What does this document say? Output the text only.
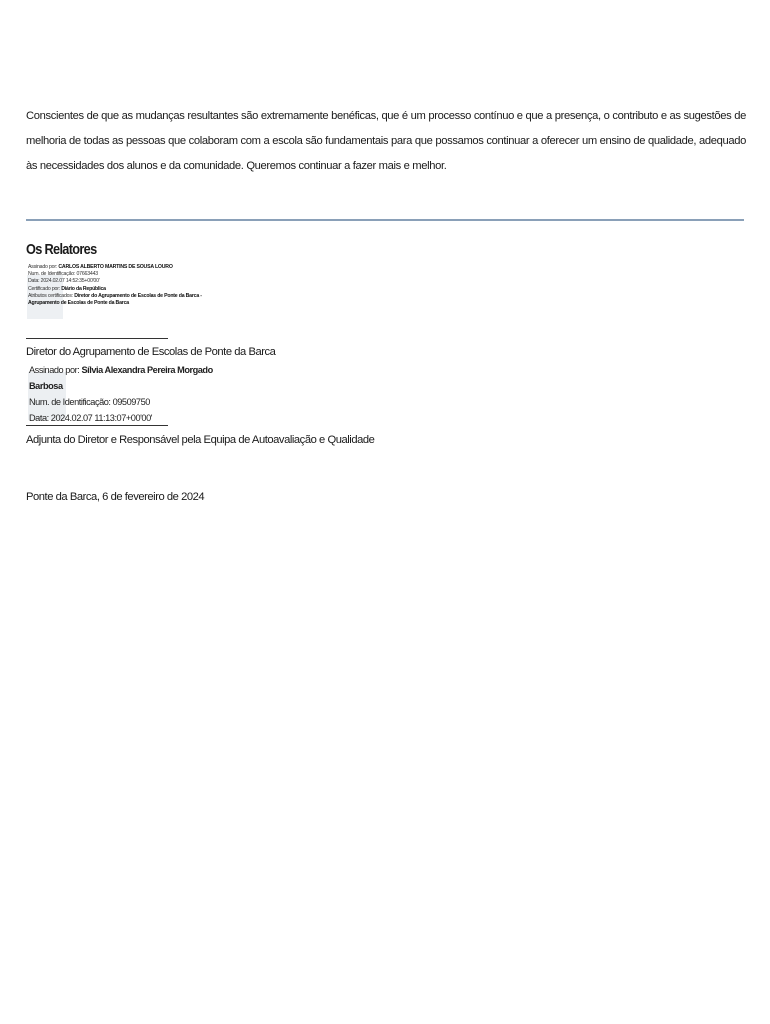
Conscientes de que as mudanças resultantes são extremamente benéficas, que é um processo contínuo e que a presença, o contributo e as sugestões de melhoria de todas as pessoas que colaboram com a escola são fundamentais para que possamos continuar a oferecer um ensino de qualidade, adequado às necessidades dos alunos e da comunidade. Queremos continuar a fazer mais e melhor.
Os Relatores
Assinado por: CARLOS ALBERTO MARTINS DE SOUSA LOURO
Num. de Identificação: 07663443
Data: 2024.02.07 14:52:35+00'00'
Certificado por: Diário da República
Atributos certificados: Diretor do Agrupamento de Escolas de Ponte da Barca -
Agrupamento de Escolas de Ponte da Barca
Diretor do Agrupamento de Escolas de Ponte da Barca
Assinado por: Sílvia Alexandra Pereira Morgado
Barbosa
Num. de Identificação: 09509750
Data: 2024.02.07 11:13:07+00'00'
Adjunta do Diretor e Responsável pela Equipa de Autoavaliação e Qualidade
Ponte da Barca, 6 de fevereiro de 2024
